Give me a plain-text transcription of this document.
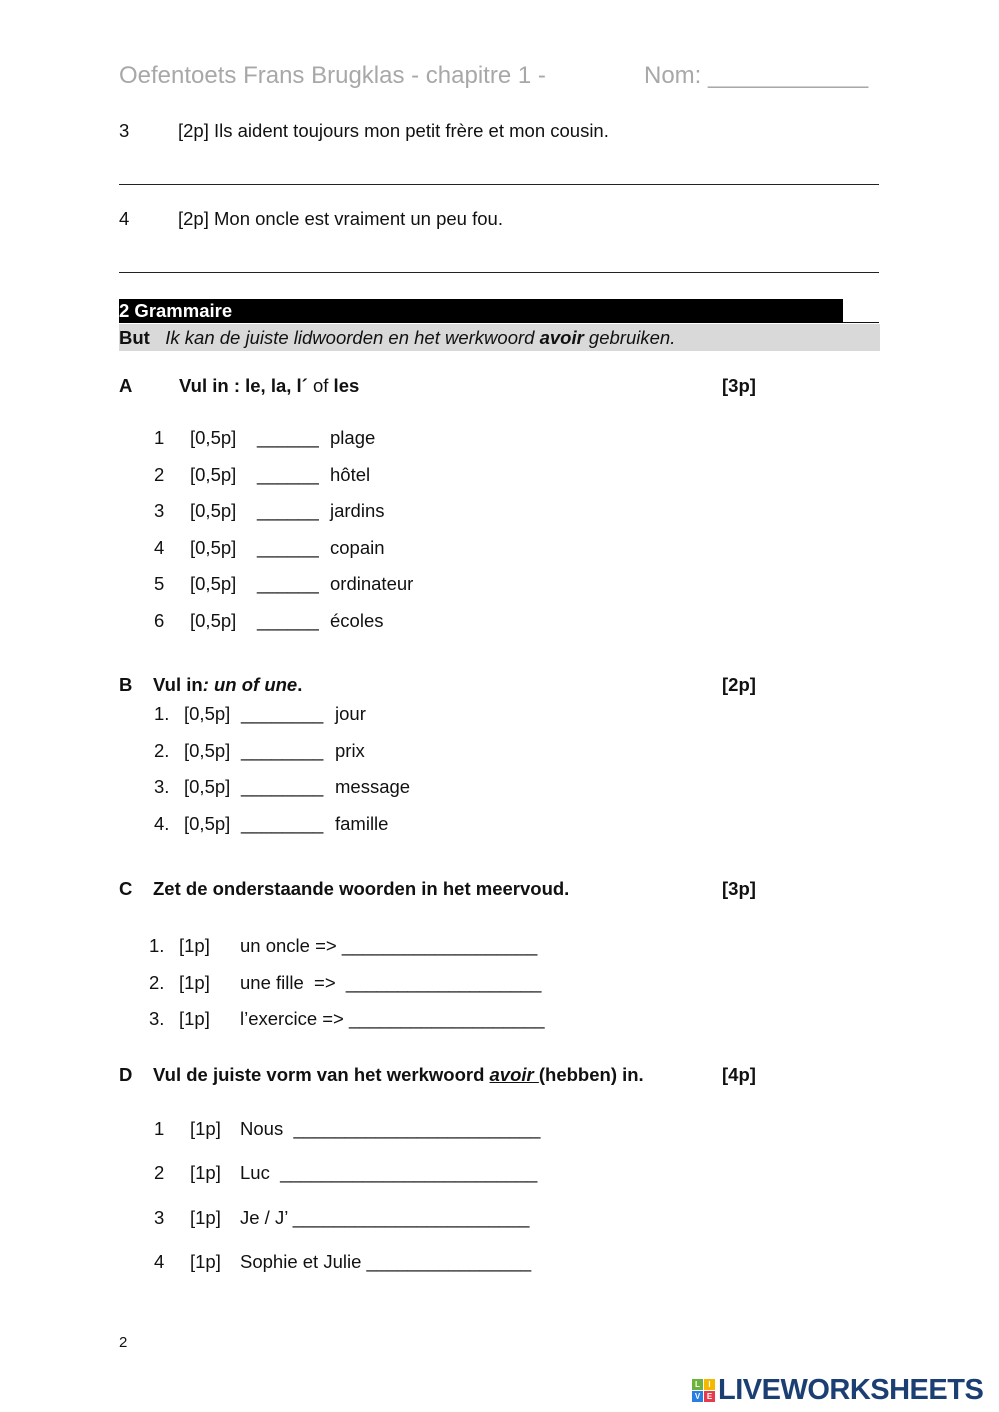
Oefentoets Frans Brugklas - chapitre 1 -	Nom: ____________
3	[2p] Ils aident toujours mon petit frère et mon cousin.
4	[2p] Mon oncle est vraiment un peu fou.
2 Grammaire
But Ik kan de juiste lidwoorden en het werkwoord avoir gebruiken.
A	Vul in : le, la, l´ of les	[3p]
B Vul in: un of une.	[2p]
C Zet de onderstaande woorden in het meervoud.	[3p]
D Vul de juiste vorm van het werkwoord avoir (hebben) in.	[4p]
2
L	I
V E LIVEWORKSHEETS
1 [0,5p] ______ plage
2 [0,5p] ______ hôtel
3 [0,5p] ______ jardins
4 [0,5p] ______ copain
5 [0,5p] ______ ordinateur
6 [0,5p] ______ écoles
1. [0,5p] ________ jour
2. [0,5p] ________ prix
3. [0,5p] ________ message
4. [0,5p] ________ famille
1. [1p] un oncle => ___________________
2. [1p] une fille  =>  ___________________
3. [1p] l’exercice => ___________________
1 [1p] Nous  ________________________
2 [1p] Luc  _________________________
3 [1p] Je / J’ _______________________
4 [1p] Sophie et Julie ________________
